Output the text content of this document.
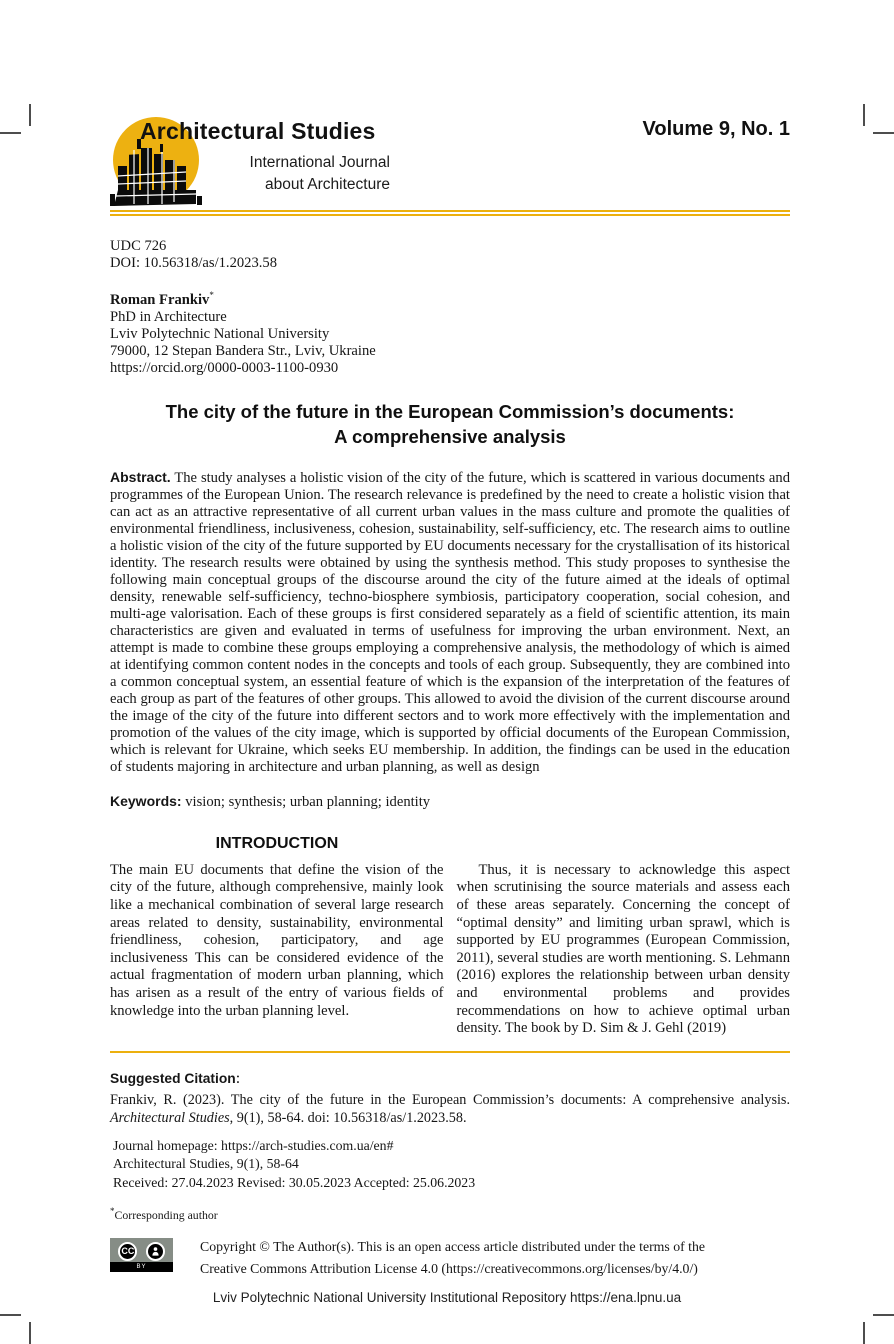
Architectural Studies
International Journal
about Architecture
Volume 9, No. 1
UDC 726
DOI: 10.56318/as/1.2023.58
Roman Frankiv*
PhD in Architecture
Lviv Polytechnic National University
79000, 12 Stepan Bandera Str., Lviv, Ukraine
https://orcid.org/0000-0003-1100-0930
The city of the future in the European Commission’s documents:
A comprehensive analysis
Abstract. The study analyses a holistic vision of the city of the future, which is scattered in various documents and programmes of the European Union. The research relevance is predefined by the need to create a holistic vision that can act as an attractive representative of all current urban values in the mass culture and promote the qualities of environmental friendliness, inclusiveness, cohesion, sustainability, self-sufficiency, etc. The research aims to outline a holistic vision of the city of the future supported by EU documents necessary for the crystallisation of its historical identity. The research results were obtained by using the synthesis method. This study proposes to synthesise the following main conceptual groups of the discourse around the city of the future aimed at the ideals of optimal density, renewable self-sufficiency, techno-biosphere symbiosis, participatory cooperation, social cohesion, and multi-age valorisation. Each of these groups is first considered separately as a field of scientific attention, its main characteristics are given and evaluated in terms of usefulness for improving the urban environment. Next, an attempt is made to combine these groups employing a comprehensive analysis, the methodology of which is aimed at identifying common content nodes in the concepts and tools of each group. Subsequently, they are combined into a common conceptual system, an essential feature of which is the expansion of the interpretation of the features of each group as part of the features of other groups. This allowed to avoid the division of the current discourse around the image of the city of the future into different sectors and to work more effectively with the implementation and promotion of the values of the city image, which is supported by official documents of the European Commission, which is relevant for Ukraine, which seeks EU membership. In addition, the findings can be used in the education of students majoring in architecture and urban planning, as well as design
Keywords: vision; synthesis; urban planning; identity
INTRODUCTION
The main EU documents that define the vision of the city of the future, although comprehensive, mainly look like a mechanical combination of several large research areas related to density, sustainability, environmental friendliness, cohesion, participatory, and age inclusiveness This can be considered evidence of the actual fragmentation of modern urban planning, which has arisen as a result of the entry of various fields of knowledge into the urban planning level.
Thus, it is necessary to acknowledge this aspect when scrutinising the source materials and assess each of these areas separately. Concerning the concept of “optimal density” and limiting urban sprawl, which is supported by EU programmes (European Commission, 2011), several studies are worth mentioning. S. Lehmann (2016) explores the relationship between urban density and environmental problems and provides recommendations on how to achieve optimal urban density. The book by D. Sim & J. Gehl (2019)
Suggested Citation:
Frankiv, R. (2023). The city of the future in the European Commission’s documents: A comprehensive analysis. Architectural Studies, 9(1), 58-64. doi: 10.56318/as/1.2023.58.
Journal homepage: https://arch-studies.com.ua/en#
Architectural Studies, 9(1), 58-64
Received: 27.04.2023 Revised: 30.05.2023 Accepted: 25.06.2023
*Corresponding author
CC
BY
Copyright © The Author(s). This is an open access article distributed under the terms of the
Creative Commons Attribution License 4.0 (https://creativecommons.org/licenses/by/4.0/)
Lviv Polytechnic National University Institutional Repository https://ena.lpnu.ua
